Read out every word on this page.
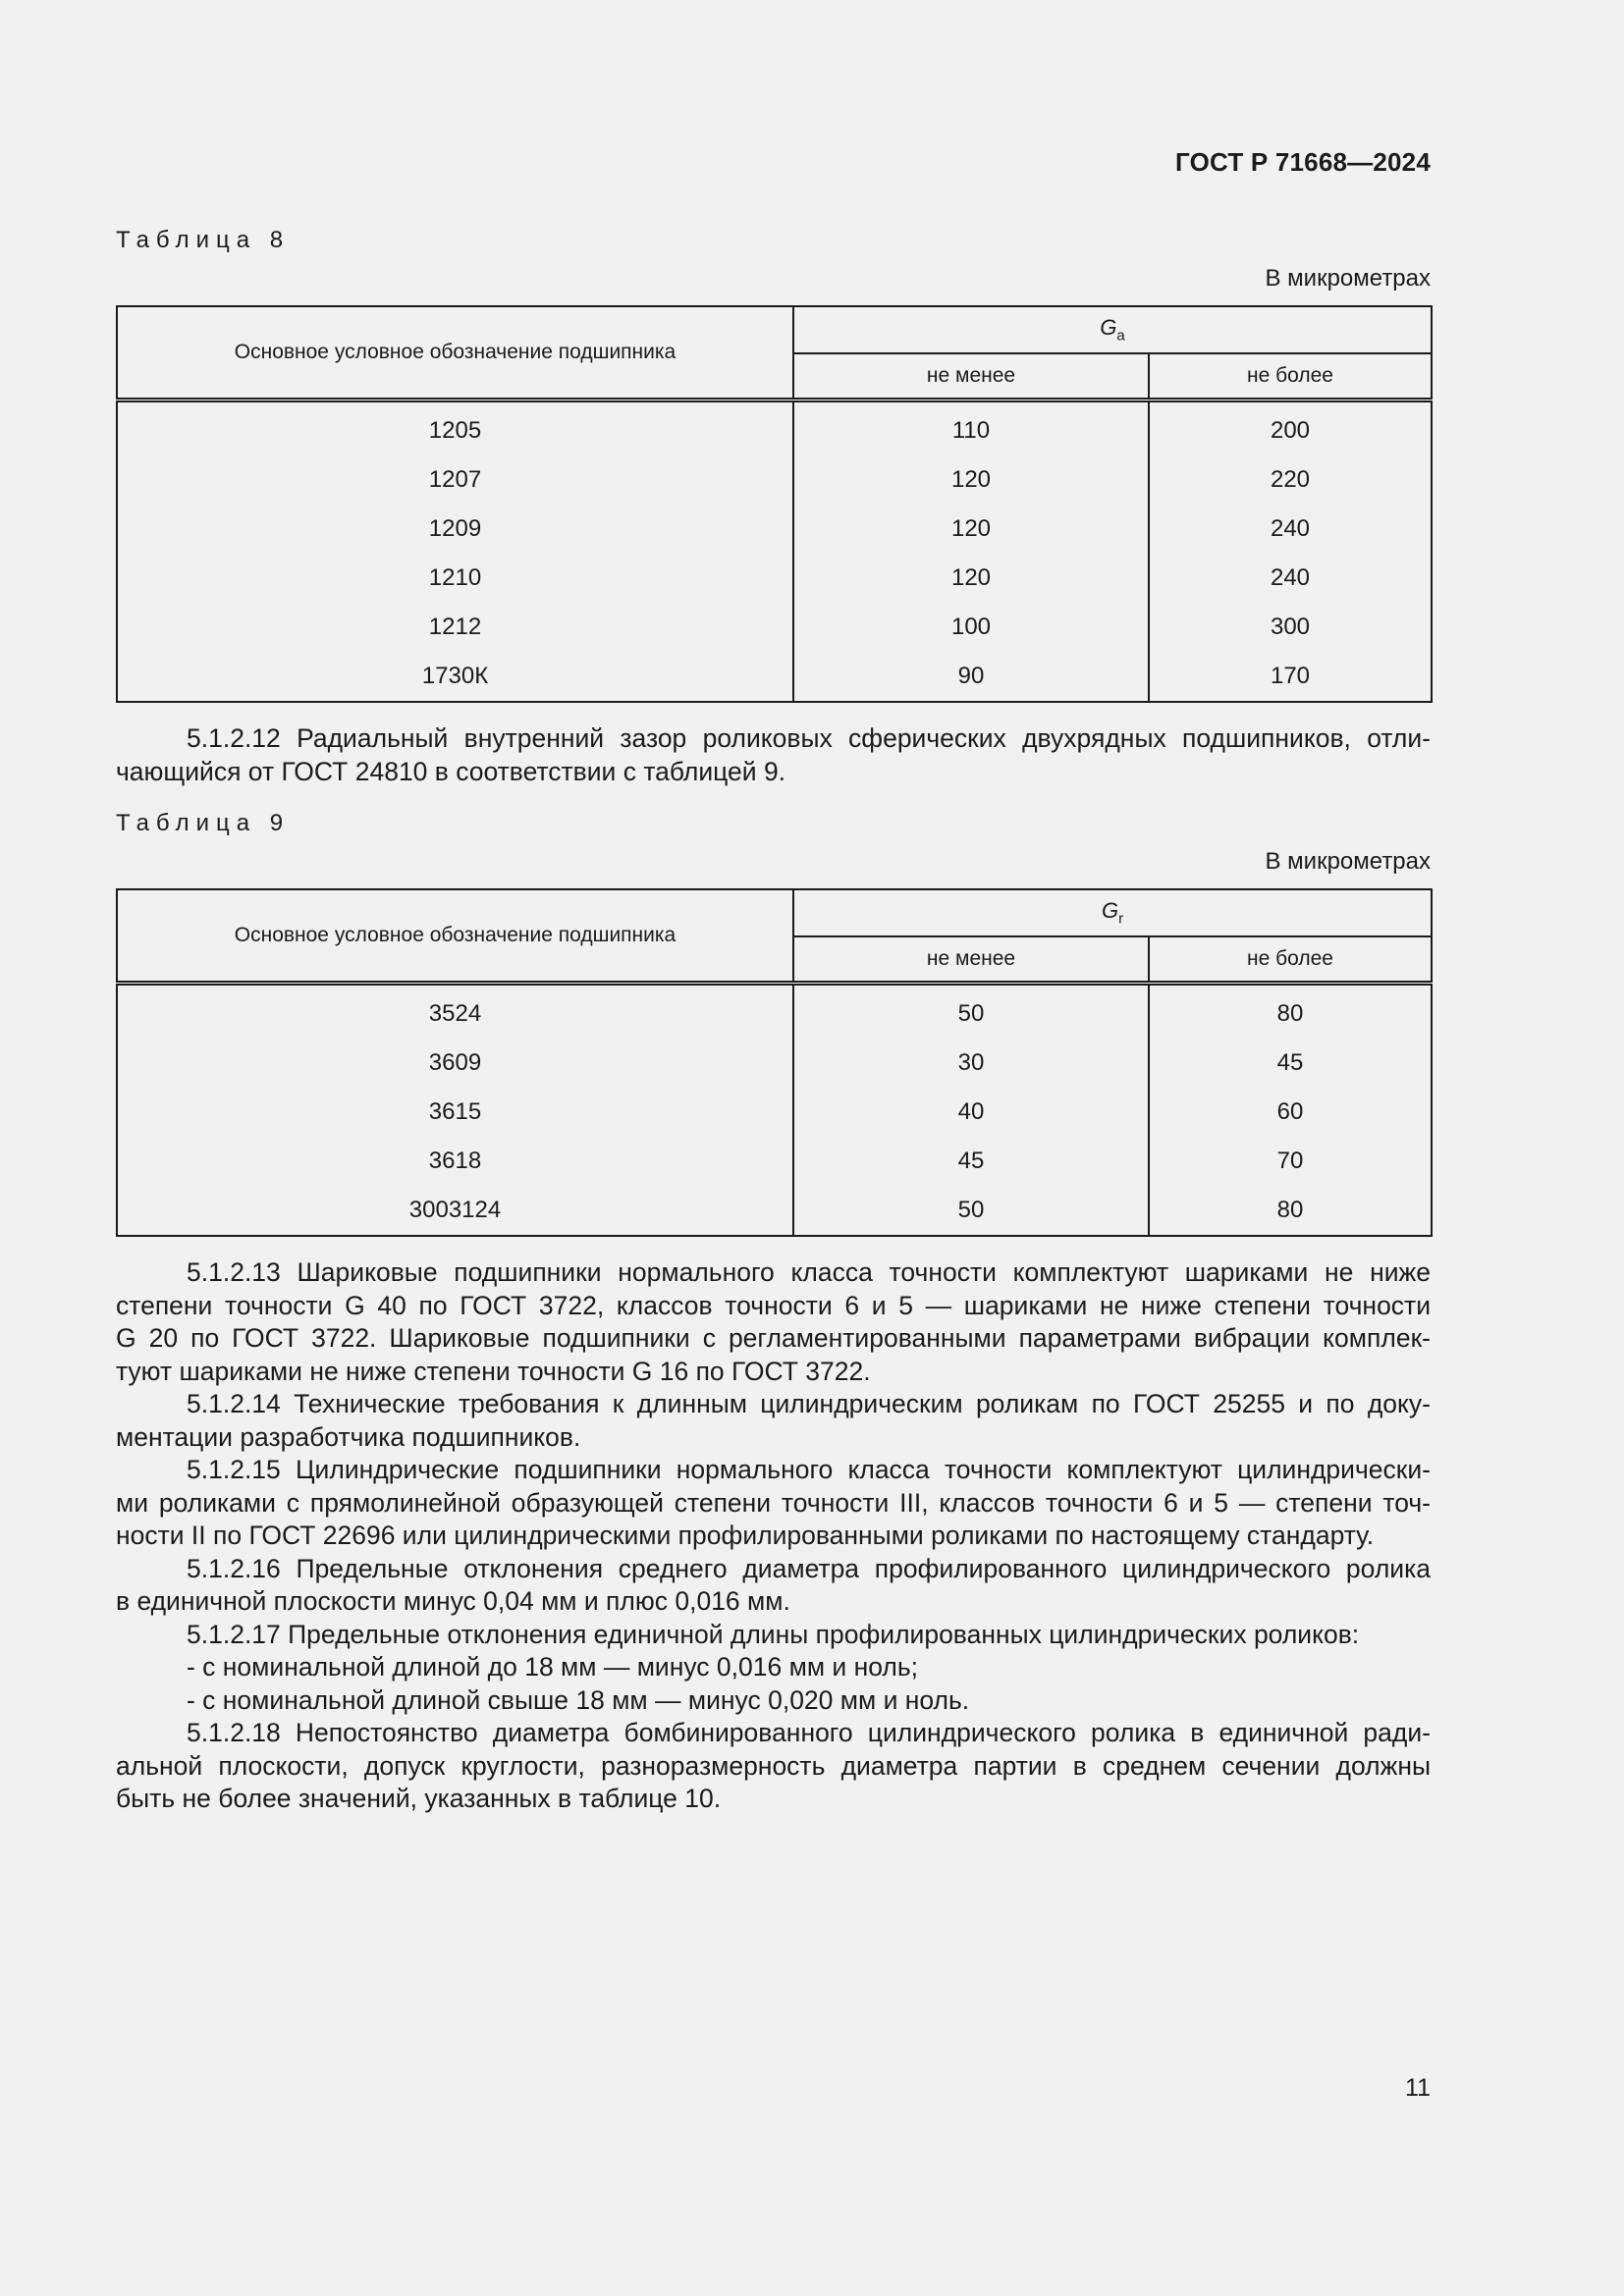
ГОСТ Р 71668—2024
Таблица 8
В микрометрах
Основное условное обозначение подшипника	$G_a$
	не менее	не более
1205	110	200
1207	120	220
1209	120	240
1210	120	240
1212	100	300
1730К	90	170

5.1.2.12 Радиальный внутренний зазор роликовых сферических двухрядных подшипников, отли-

чающийся от ГОСТ 24810 в соответствии с таблицей 9.

Таблица 9
В микрометрах
Основное условное обозначение подшипника	$G_r$
	не менее	не более
3524	50	80
3609	30	45
3615	40	60
3618	45	70
3003124	50	80

5.1.2.13 Шариковые подшипники нормального класса точности комплектуют шариками не ниже

степени точности G 40 по ГОСТ 3722, классов точности 6 и 5 — шариками не ниже степени точности
G 20 по ГОСТ 3722. Шариковые подшипники с регламентированными параметрами вибрации комплек-
туют шариками не ниже степени точности G 16 по ГОСТ 3722.

5.1.2.14 Технические требования к длинным цилиндрическим роликам по ГОСТ 25255 и по доку-

ментации разработчика подшипников.

5.1.2.15 Цилиндрические подшипники нормального класса точности комплектуют цилиндрически-

ми роликами с прямолинейной образующей степени точности III, классов точности 6 и 5 — степени точ-
ности II по ГОСТ 22696 или цилиндрическими профилированными роликами по настоящему стандарту.

5.1.2.16 Предельные отклонения среднего диаметра профилированного цилиндрического ролика

в единичной плоскости минус 0,04 мм и плюс 0,016 мм.

5.1.2.17 Предельные отклонения единичной длины профилированных цилиндрических роликов:

- с номинальной длиной до 18 мм — минус 0,016 мм и ноль;

- с номинальной длиной свыше 18 мм — минус 0,020 мм и ноль.

5.1.2.18 Непостоянство диаметра бомбинированного цилиндрического ролика в единичной ради-

альной плоскости, допуск круглости, разноразмерность диаметра партии в среднем сечении должны
быть не более значений, указанных в таблице 10.

11
